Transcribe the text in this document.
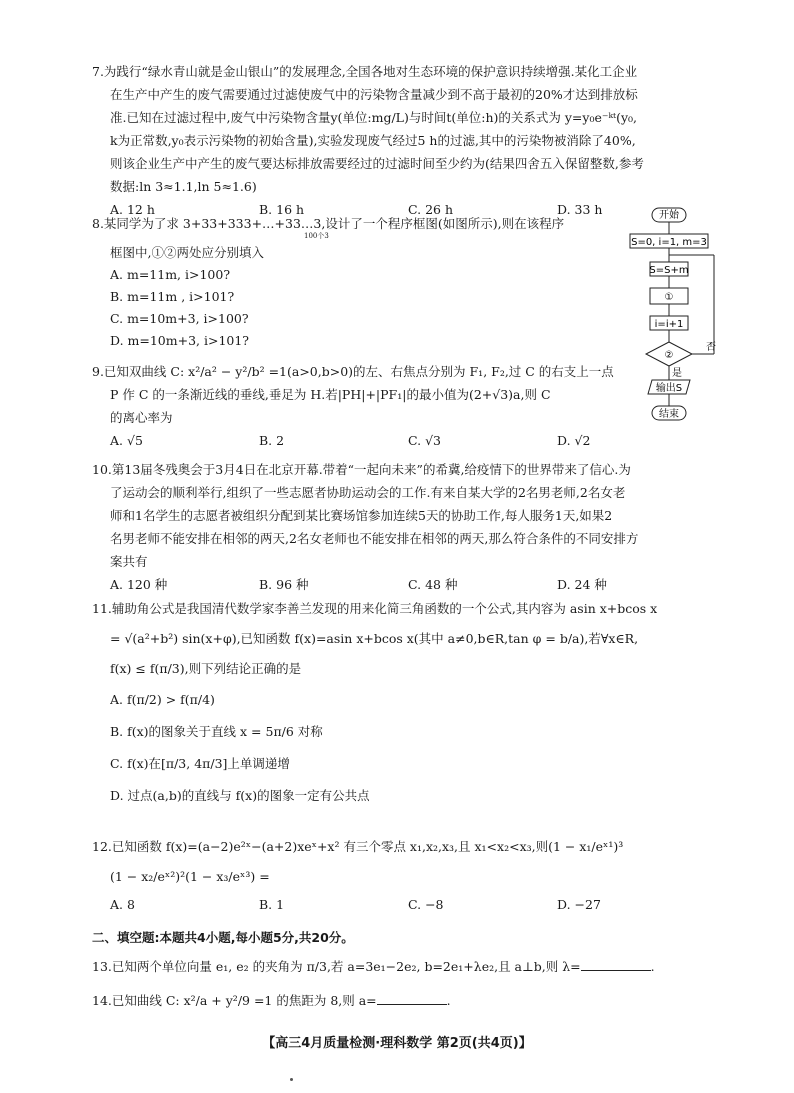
7.为践行“绿水青山就是金山银山”的发展理念,全国各地对生态环境的保护意识持续增强.某化工企业
在生产中产生的废气需要通过过滤使废气中的污染物含量减少到不高于最初的20%才达到排放标
准.已知在过滤过程中,废气中污染物含量y(单位:mg/L)与时间t(单位:h)的关系式为 y=y₀e⁻ᵏᵗ(y₀,
k为正常数,y₀表示污染物的初始含量),实验发现废气经过5 h的过滤,其中的污染物被消除了40%,
则该企业生产中产生的废气要达标排放需要经过的过滤时间至少约为(结果四舍五入保留整数,参考
数据:ln 3≈1.1,ln 5≈1.6)
A. 12 h	B. 16 h	C. 26 h	D. 33 h
8.某同学为了求 3+33+333+…+33…3,设计了一个程序框图(如图所示),则在该程序
100个3
框图中,①②两处应分别填入
A. m=11m, i>100?
B. m=11m , i>101?
C. m=10m+3, i>100?
D. m=10m+3, i>101?
开始
S=0, i=1, m=3
S=S+m
①
i=i+1
②
否
是
输出S
结束
9.已知双曲线 C: x²/a² − y²/b² =1(a>0,b>0)的左、右焦点分别为 F₁, F₂,过 C 的右支上一点
P 作 C 的一条渐近线的垂线,垂足为 H.若|PH|+|PF₁|的最小值为(2+√3)a,则 C
的离心率为
A. √5	B. 2	C. √3	D. √2
10.第13届冬残奥会于3月4日在北京开幕.带着“一起向未来”的希冀,给疫情下的世界带来了信心.为
了运动会的顺利举行,组织了一些志愿者协助运动会的工作.有来自某大学的2名男老师,2名女老
师和1名学生的志愿者被组织分配到某比赛场馆参加连续5天的协助工作,每人服务1天,如果2
名男老师不能安排在相邻的两天,2名女老师也不能安排在相邻的两天,那么符合条件的不同安排方
案共有
A. 120 种	B. 96 种	C. 48 种	D. 24 种
11.辅助角公式是我国清代数学家李善兰发现的用来化简三角函数的一个公式,其内容为 asin x+bcos x
= √(a²+b²) sin(x+φ),已知函数 f(x)=asin x+bcos x(其中 a≠0,b∈R,tan φ = b/a),若∀x∈R,
f(x) ≤ f(π/3),则下列结论正确的是
A. f(π/2) > f(π/4)
B. f(x)的图象关于直线 x = 5π/6 对称
C. f(x)在[π/3, 4π/3]上单调递增
D. 过点(a,b)的直线与 f(x)的图象一定有公共点
12.已知函数 f(x)=(a−2)e²ˣ−(a+2)xeˣ+x² 有三个零点 x₁,x₂,x₃,且 x₁<x₂<x₃,则(1 − x₁/eˣ¹)³
(1 − x₂/eˣ²)²(1 − x₃/eˣ³) =
A. 8	B. 1	C. −8	D. −27
二、填空题:本题共4小题,每小题5分,共20分。
13.已知两个单位向量 e₁, e₂ 的夹角为 π/3,若 a=3e₁−2e₂, b=2e₁+λe₂,且 a⊥b,则 λ=	.
14.已知曲线 C: x²/a + y²/9 =1 的焦距为 8,则 a=	.
【高三4月质量检测·理科数学 第2页(共4页)】
